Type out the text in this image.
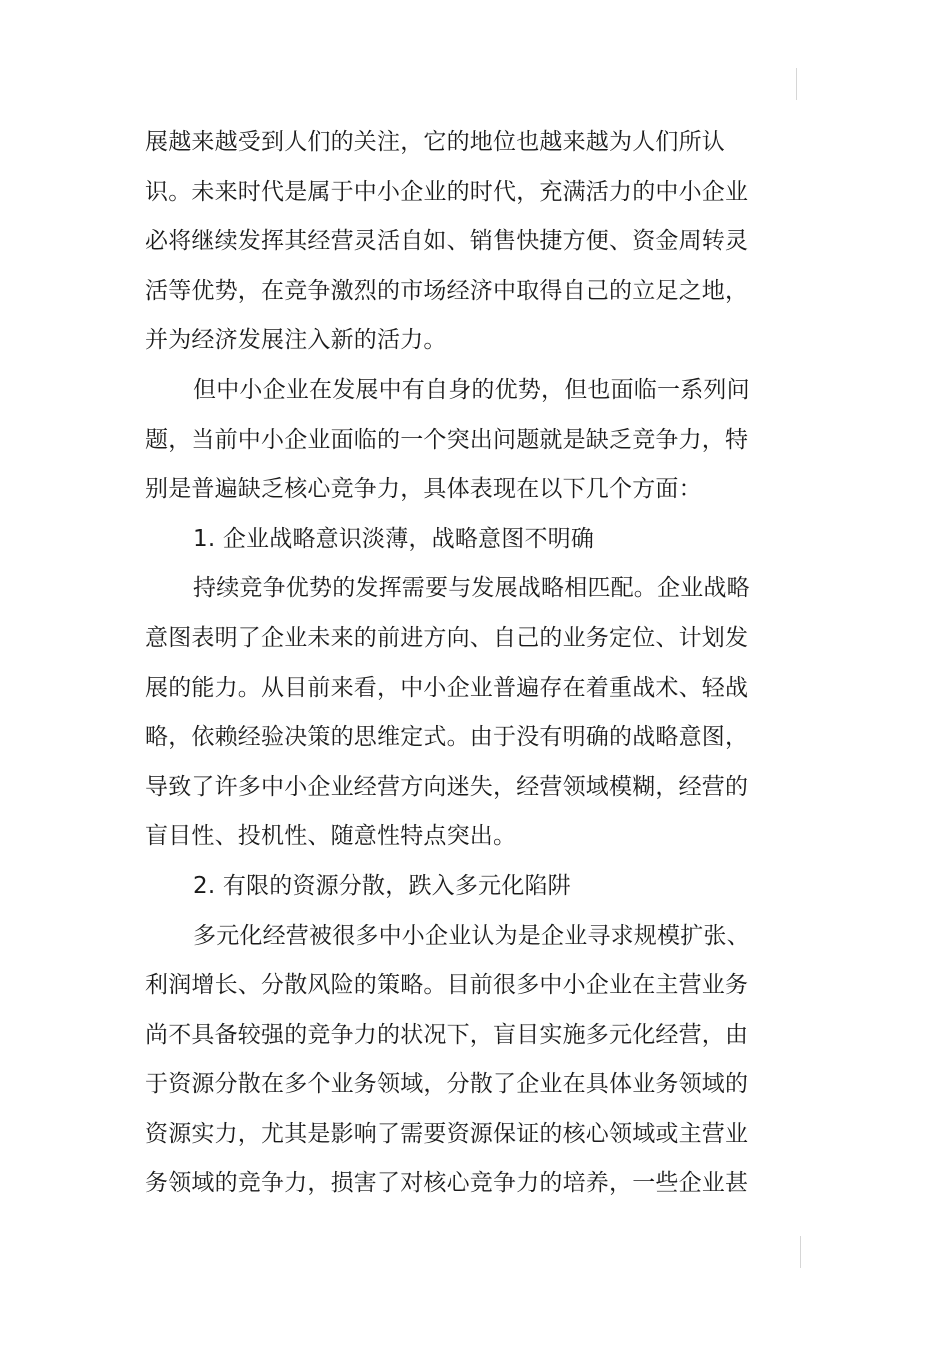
展越来越受到人们的关注，它的地位也越来越为人们所认
识。未来时代是属于中小企业的时代，充满活力的中小企业
必将继续发挥其经营灵活自如、销售快捷方便、资金周转灵
活等优势，在竞争激烈的市场经济中取得自己的立足之地，
并为经济发展注入新的活力。
但中小企业在发展中有自身的优势，但也面临一系列问
题，当前中小企业面临的一个突出问题就是缺乏竞争力，特
别是普遍缺乏核心竞争力，具体表现在以下几个方面：
1. 企业战略意识淡薄，战略意图不明确
持续竞争优势的发挥需要与发展战略相匹配。企业战略
意图表明了企业未来的前进方向、自己的业务定位、计划发
展的能力。从目前来看，中小企业普遍存在着重战术、轻战
略，依赖经验决策的思维定式。由于没有明确的战略意图，
导致了许多中小企业经营方向迷失，经营领域模糊，经营的
盲目性、投机性、随意性特点突出。
2. 有限的资源分散，跌入多元化陷阱
多元化经营被很多中小企业认为是企业寻求规模扩张、
利润增长、分散风险的策略。目前很多中小企业在主营业务
尚不具备较强的竞争力的状况下，盲目实施多元化经营，由
于资源分散在多个业务领域，分散了企业在具体业务领域的
资源实力，尤其是影响了需要资源保证的核心领域或主营业
务领域的竞争力，损害了对核心竞争力的培养，一些企业甚
